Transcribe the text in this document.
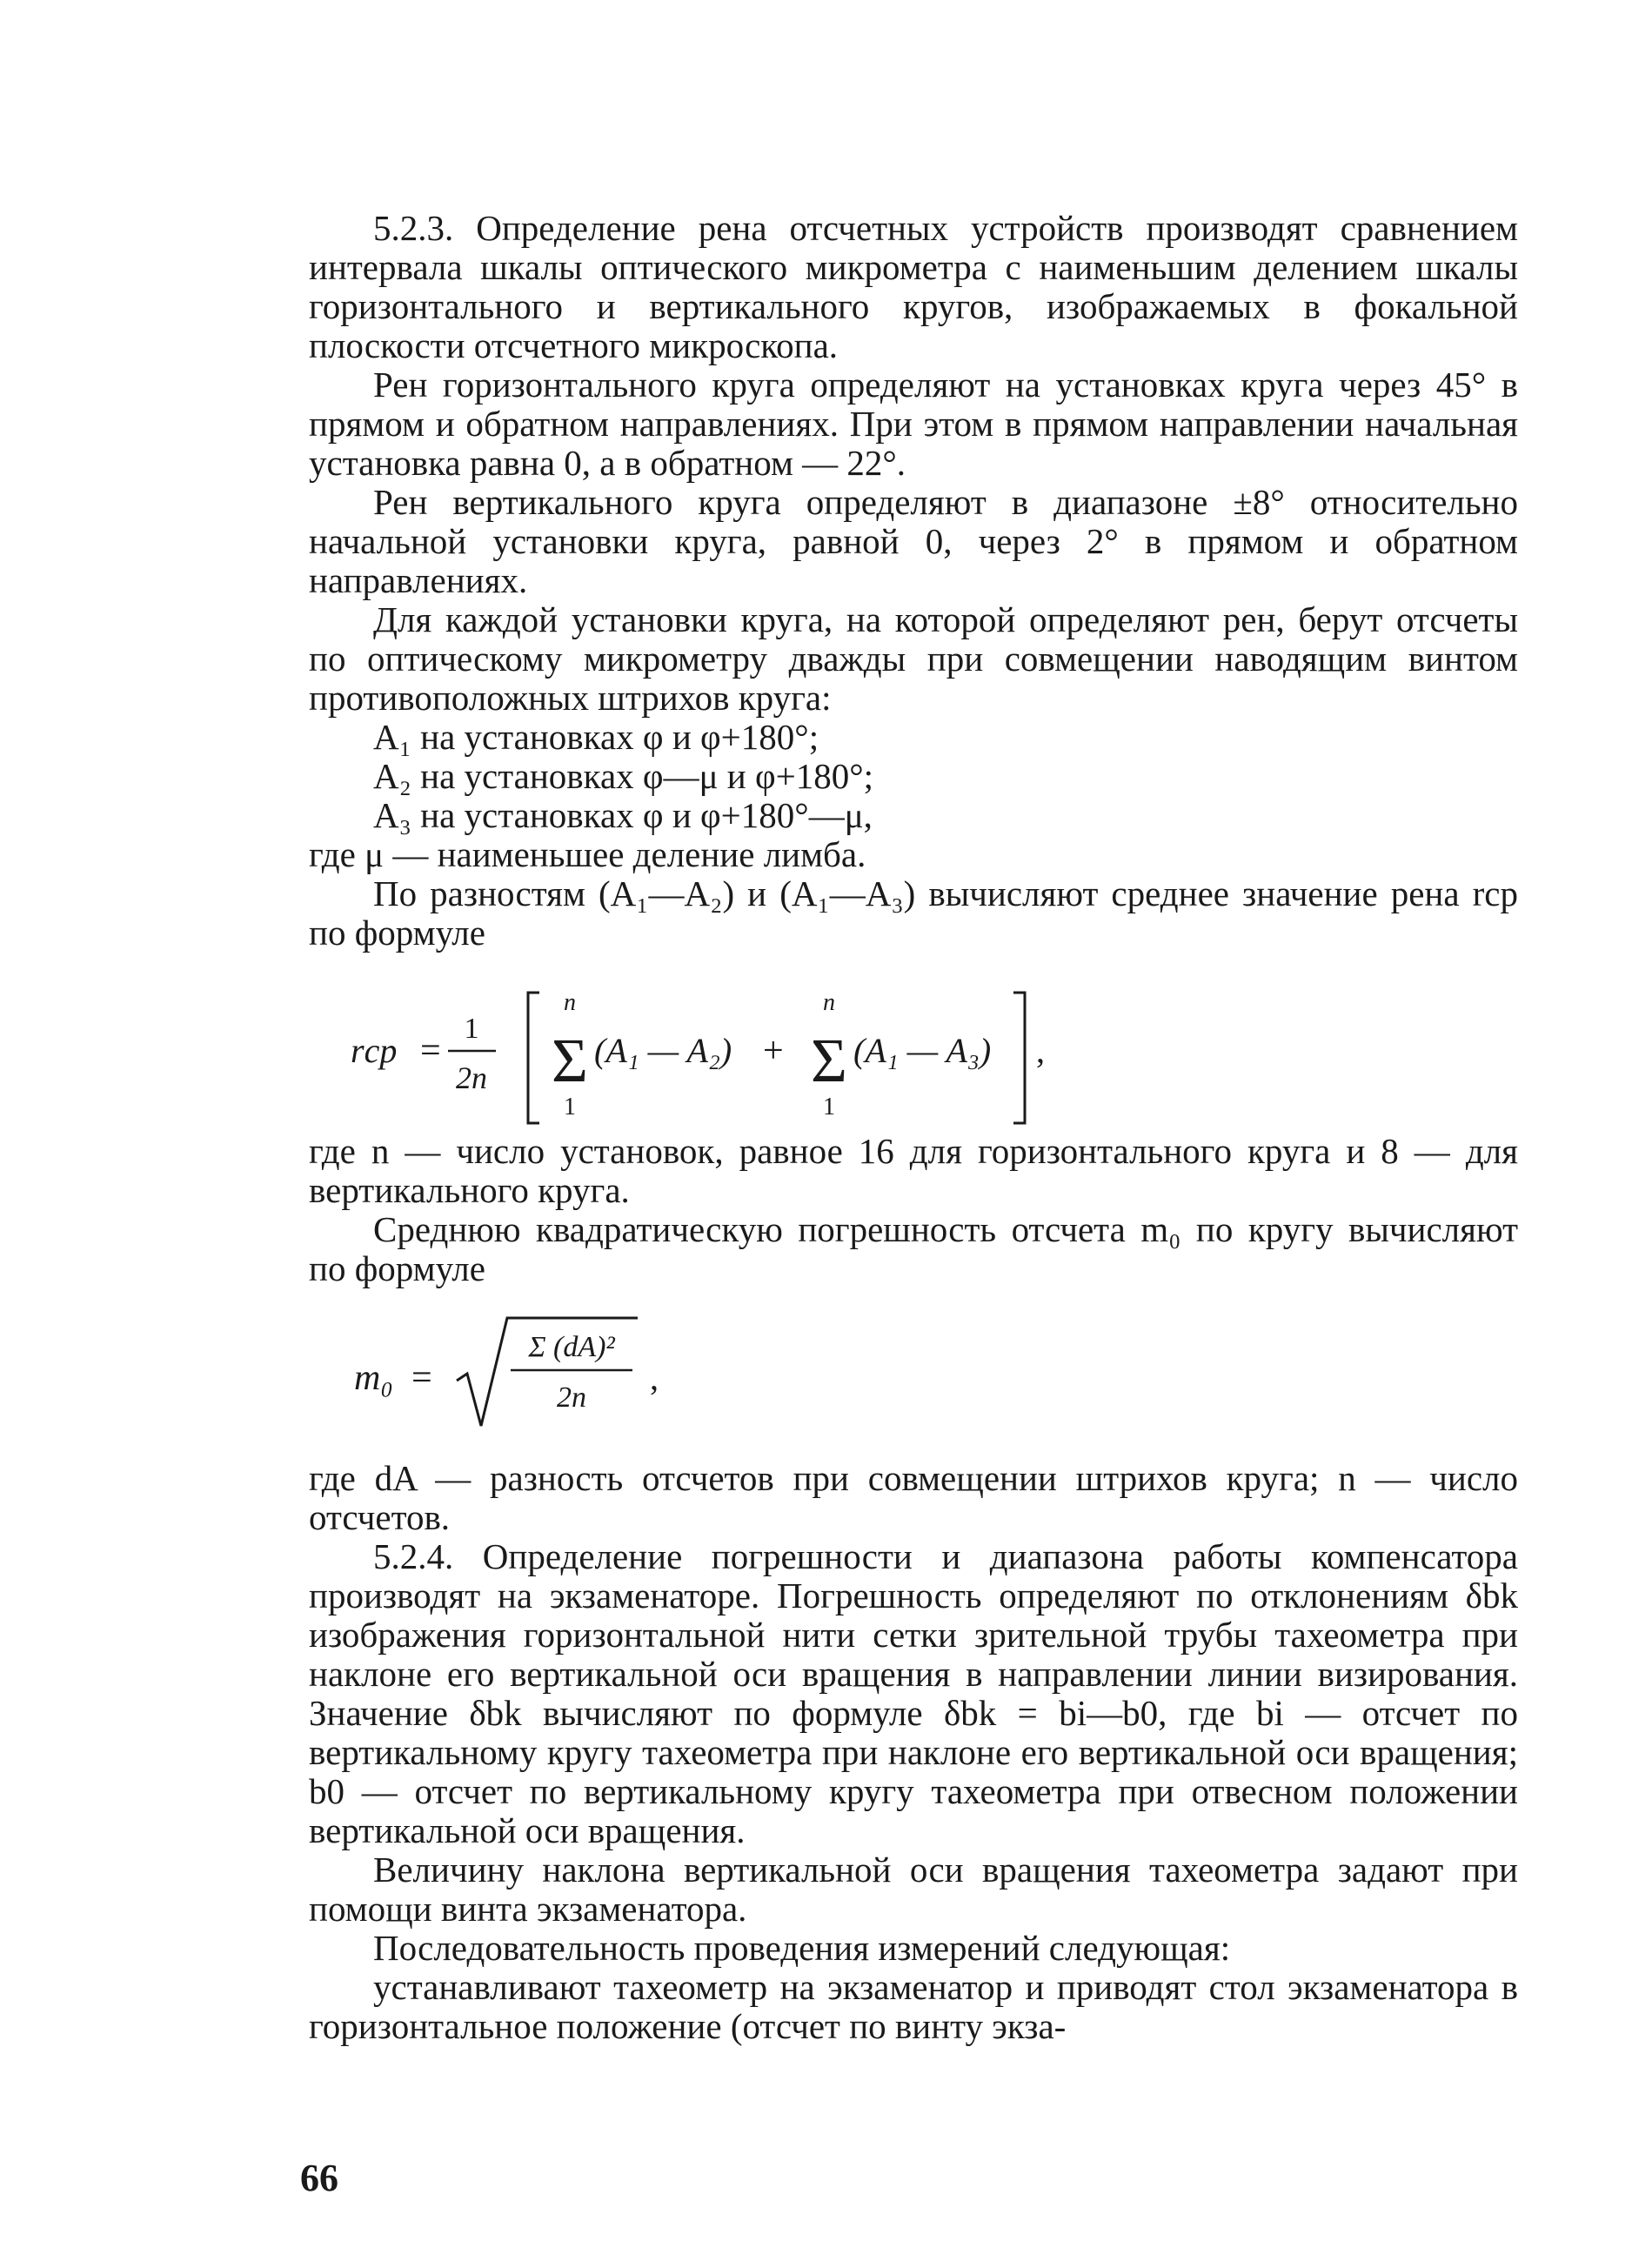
5.2.3. Определение рена отсчетных устройств производят сравнением интервала шкалы оптического микрометра с наименьшим делением шкалы горизонтального и вертикального кругов, изображаемых в фокальной плоскости отсчетного микроскопа.

Рен горизонтального круга определяют на установках круга через 45° в прямом и обратном направлениях. При этом в прямом направлении начальная установка равна 0, а в обратном — 22°.

Рен вертикального круга определяют в диапазоне ±8° относительно начальной установки круга, равной 0, через 2° в прямом и обратном направлениях.

Для каждой установки круга, на которой определяют рен, берут отсчеты по оптическому микрометру дважды при совмещении наводящим винтом противоположных штрихов круга:

A₁ на установках φ и φ+180°;

A₂ на установках φ—μ и φ+180°;

A₃ на установках φ и φ+180°—μ,

где μ — наименьшее деление лимба.

По разностям (A₁—A₂) и (A₁—A₃) вычисляют среднее значение рена rср по формуле

rср =
1
2n
n
Σ
1
(A₁ — A₂) +
n
Σ
1
(A₁ — A₃) ,

где n — число установок, равное 16 для горизонтального круга и 8 — для вертикального круга.

Среднюю квадратическую погрешность отсчета m₀ по кругу вычисляют по формуле

m₀ =
Σ (dA)²
2n
,

где dA — разность отсчетов при совмещении штрихов круга; n — число отсчетов.

5.2.4. Определение погрешности и диапазона работы компенсатора производят на экзаменаторе. Погрешность определяют по отклонениям δbk изображения горизонтальной нити сетки зрительной трубы тахеометра при наклоне его вертикальной оси вращения в направлении линии визирования. Значение δbk вычисляют по формуле δbk = bi—b0, где bi — отсчет по вертикальному кругу тахеометра при наклоне его вертикальной оси вращения; b0 — отсчет по вертикальному кругу тахеометра при отвесном положении вертикальной оси вращения.

Величину наклона вертикальной оси вращения тахеометра задают при помощи винта экзаменатора.

Последовательность проведения измерений следующая:

устанавливают тахеометр на экзаменатор и приводят стол экзаменатора в горизонтальное положение (отсчет по винту экза-

66
